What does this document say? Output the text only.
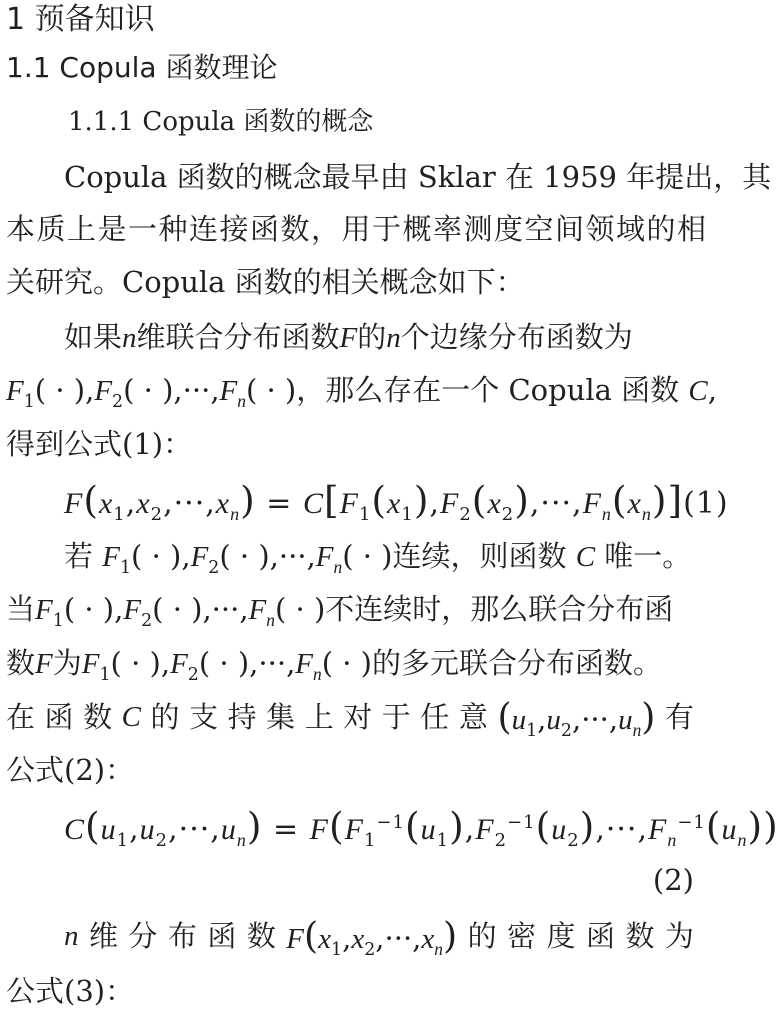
1 预备知识
1.1 Copula 函数理论
1.1.1 Copula 函数的概念
Copula 函数的概念最早由 Sklar 在 1959 年提出，其
本质上是一种连接函数，用于概率测度空间领域的相
关研究。Copula 函数的相关概念如下：
如果n维联合分布函数F的n个边缘分布函数为
$F_1( \cdot ),F_2( \cdot ),\cdot\cdot\cdot,F_n$( · )，那么存在一个 Copula 函数 C,
得到公式(1)：
$F(x_1,x_2,\cdot\cdot\cdot,x_n) = C[F_1(x_1),F_2(x_2),\cdot\cdot\cdot,F_n(x_n)](1)$
若 $F_1( \cdot ),F_2( \cdot ),\cdot\cdot\cdot,F_n$( · )连续，则函数 C 唯一。
当$F_1( \cdot ),F_2( \cdot ),\cdot\cdot\cdot,F_n$( · )不连续时，那么联合分布函
数F为$F_1( \cdot ),F_2( \cdot ),\cdot\cdot\cdot,F_n$( · )的多元联合分布函数。
在 函 数 C 的 支 持 集 上 对 于 任 意 $(u_1,u_2,\cdot\cdot\cdot,u_n)$ 有
公式(2)：
$C(u_1,u_2,\cdot\cdot\cdot,u_n) = F(F_1^{-1}(u_1),F_2^{-1}(u_2),\cdot\cdot\cdot,F_n^{-1}(u_n))$
(2)
n 维 分 布 函 数 $F(x_1,x_2,\cdot\cdot\cdot,x_n)$ 的 密 度 函 数 为
公式(3)：
